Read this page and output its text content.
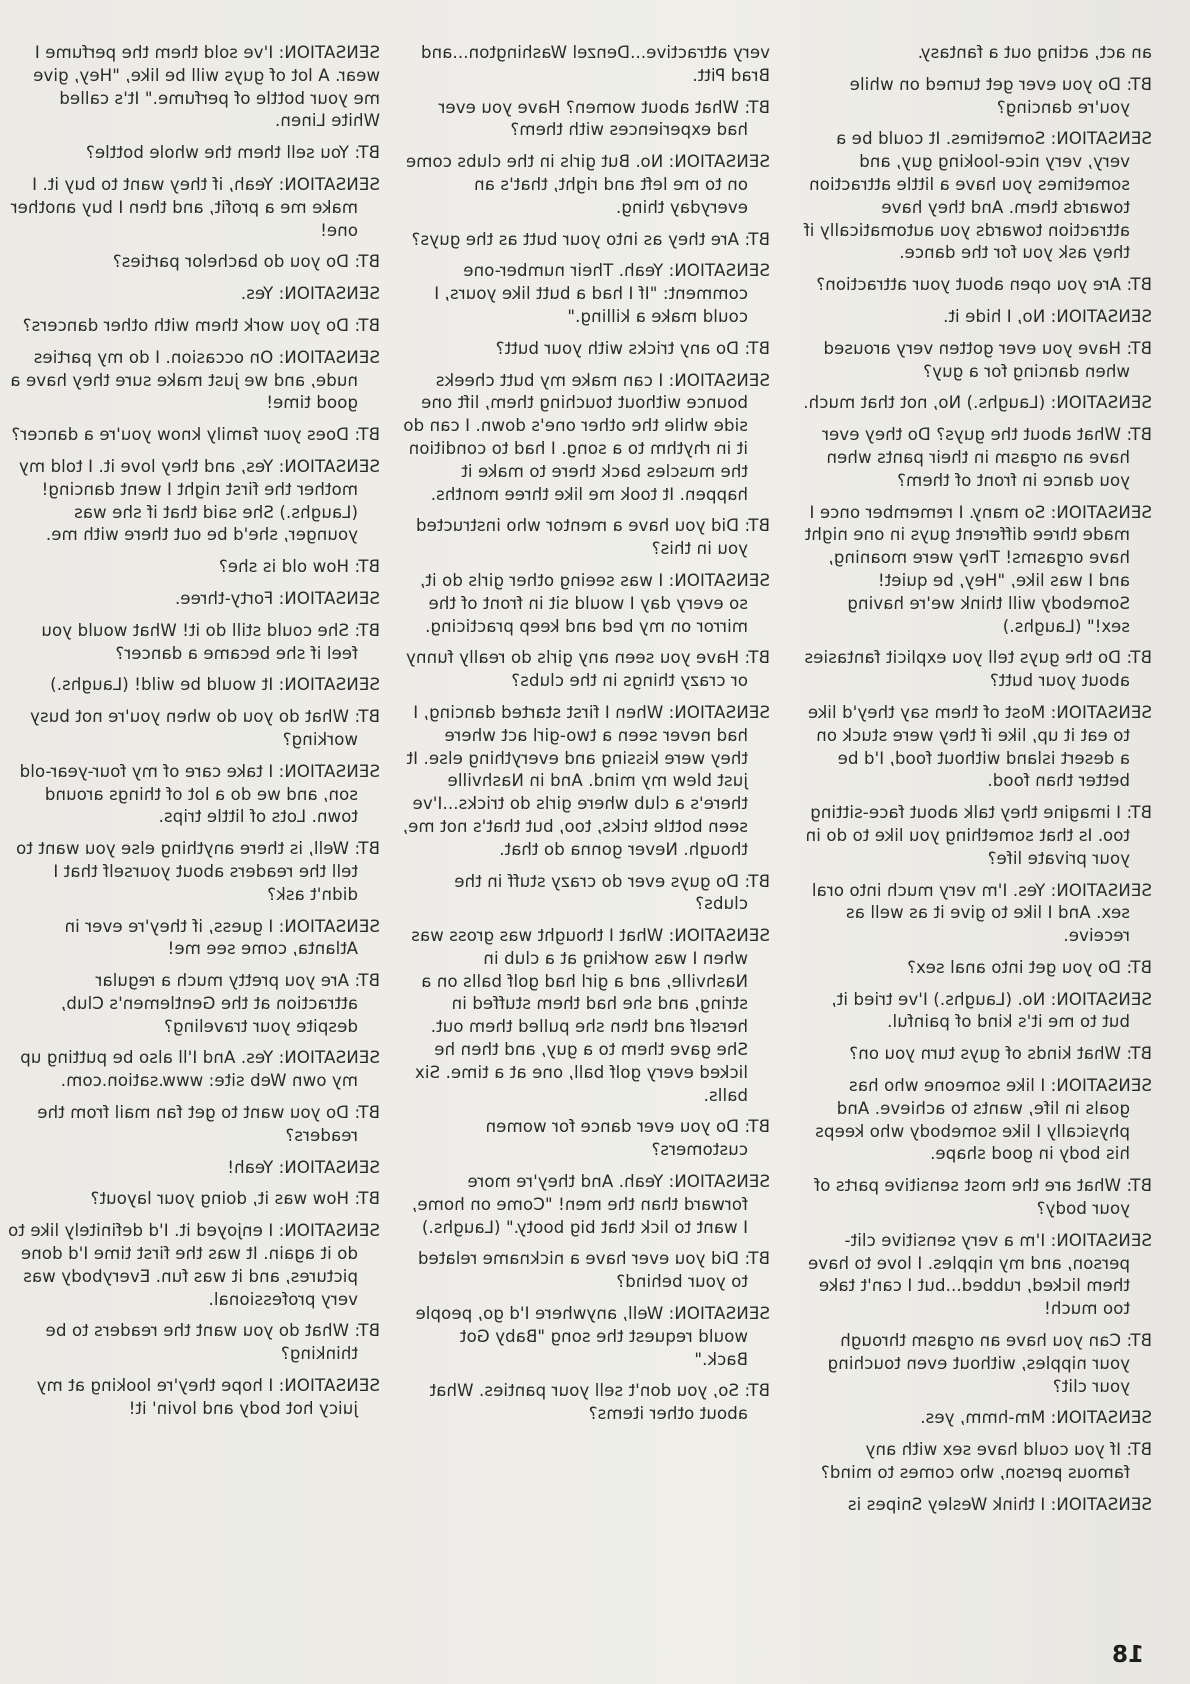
an act, acting out a fantasy.

BT: Do you ever get turned on while you're dancing?

SENSATION: Sometimes. It could be a very, very nice-looking guy, and sometimes you have a little attraction towards them. And they have attraction towards you automatically if they ask you for the dance.

BT: Are you open about your attraction?

SENSATION: No, I hide it.

BT: Have you ever gotten very aroused when dancing for a guy?

SENSATION: (Laughs.) No, not that much.

BT: What about the guys? Do they ever have an orgasm in their pants when you dance in front of them?

SENSATION: So many. I remember once I made three different guys in one night have orgasms! They were moaning, and I was like, "Hey, be quiet! Somebody will think we're having sex!" (Laughs.)

BT: Do the guys tell you explicit fantasies about your butt?

SENSATION: Most of them say they'd like to eat it up, like if they were stuck on a desert island without food, I'd be better than food.

BT: I imagine they talk about face-sitting too. Is that something you like to do in your private life?

SENSATION: Yes. I'm very much into oral sex. And I like to give it as well as receive.

BT: Do you get into anal sex?

SENSATION: No. (Laughs.) I've tried it, but to me it's kind of painful.

BT: What kinds of guys turn you on?

SENSATION: I like someone who has goals in life, wants to achieve. And physically I like somebody who keeps his body in good shape.

BT: What are the most sensitive parts of your body?

SENSATION: I'm a very sensitive clit-person, and my nipples. I love to have them licked, rubbed...but I can't take too much!

BT: Can you have an orgasm through your nipples, without even touching your clit?

SENSATION: Mm-hmm, yes.

BT: If you could have sex with any famous person, who comes to mind?

SENSATION: I think Wesley Snipes is

very attractive...Denzel Washington...and Brad Pitt.

BT: What about women? Have you ever had experiences with them?

SENSATION: No. But girls in the clubs come on to me left and right, that's an everyday thing.

BT: Are they as into your butt as the guys?

SENSATION: Yeah. Their number-one comment: "If I had a butt like yours, I could make a killing."

BT: Do any tricks with your butt?

SENSATION: I can make my butt cheeks bounce without touching them, lift one side while the other one's down. I can do it in rhythm to a song. I had to condition the muscles back there to make it happen. It took me like three months.

BT: Did you have a mentor who instructed you in this?

SENSATION: I was seeing other girls do it, so every day I would sit in front of the mirror on my bed and keep practicing.

BT: Have you seen any girls do really funny or crazy things in the clubs?

SENSATION: When I first started dancing, I had never seen a two-girl act where they were kissing and everything else. It just blew my mind. And in Nashville there's a club where girls do tricks...I've seen bottle tricks, too, but that's not me, though. Never gonna do that.

BT: Do guys ever do crazy stuff in the clubs?

SENSATION: What I thought was gross was when I was working at a club in Nashville, and a girl had golf balls on a string, and she had them stuffed in herself and then she pulled them out. She gave them to a guy, and then he licked every golf ball, one at a time. Six balls.

BT: Do you ever dance for women customers?

SENSATION: Yeah. And they're more forward than the men! "Come on home, I want to lick that big booty." (Laughs.)

BT: Did you ever have a nickname related to your behind?

SENSATION: Well, anywhere I'd go, people would request the song "Baby Got Back."

BT: So, you don't sell your panties. What about other items?

SENSATION: I've sold them the perfume I wear. A lot of guys will be like, "Hey, give me your bottle of perfume." It's called White Linen.

BT: You sell them the whole bottle?

SENSATION: Yeah, if they want to buy it. I make me a profit, and then I buy another one!

BT: Do you do bachelor parties?

SENSATION: Yes.

BT: Do you work them with other dancers?

SENSATION: On occasion. I do my parties nude, and we just make sure they have a good time!

BT: Does your family know you're a dancer?

SENSATION: Yes, and they love it. I told my mother the first night I went dancing! (Laughs.) She said that if she was younger, she'd be out there with me.

BT: How old is she?

SENSATION: Forty-three.

BT: She could still do it! What would you feel if she became a dancer?

SENSATION: It would be wild! (Laughs.)

BT: What do you do when you're not busy working?

SENSATION: I take care of my four-year-old son, and we do a lot of things around town. Lots of little trips.

BT: Well, is there anything else you want to tell the readers about yourself that I didn't ask?

SENSATION: I guess, if they're ever in Atlanta, come see me!

BT: Are you pretty much a regular attraction at the Gentlemen's Club, despite your traveling?

SENSATION: Yes. And I'll also be putting up my own Web site: www.sation.com.

BT: Do you want to get fan mail from the readers?

SENSATION: Yeah!

BT: How was it, doing your layout?

SENSATION: I enjoyed it. I'd definitely like to do it again. It was the first time I'd done pictures, and it was fun. Everybody was very professional.

BT: What do you want the readers to be thinking?

SENSATION: I hope they're looking at my juicy hot body and lovin' it!

18
